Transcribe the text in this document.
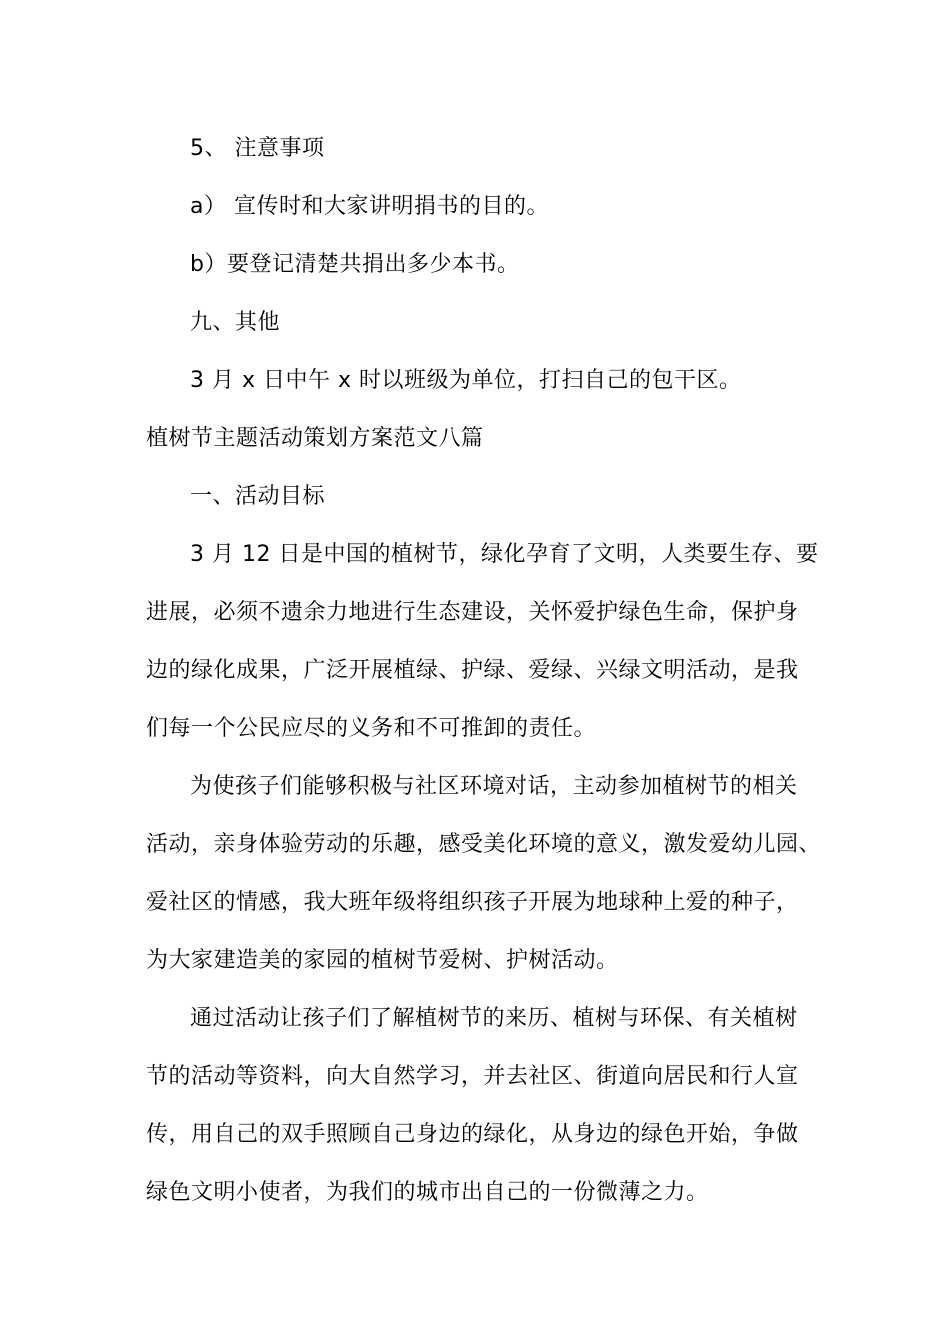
5、 注意事项
a） 宣传时和大家讲明捐书的目的。
b）要登记清楚共捐出多少本书。
九、其他
3 月 x 日中午 x 时以班级为单位，打扫自己的包干区。
植树节主题活动策划方案范文八篇
一、活动目标
3 月 12 日是中国的植树节，绿化孕育了文明，人类要生存、要
进展，必须不遗余力地进行生态建设，关怀爱护绿色生命，保护身
边的绿化成果，广泛开展植绿、护绿、爱绿、兴绿文明活动，是我
们每一个公民应尽的义务和不可推卸的责任。
为使孩子们能够积极与社区环境对话，主动参加植树节的相关
活动，亲身体验劳动的乐趣，感受美化环境的意义，激发爱幼儿园、
爱社区的情感，我大班年级将组织孩子开展为地球种上爱的种子，
为大家建造美的家园的植树节爱树、护树活动。
通过活动让孩子们了解植树节的来历、植树与环保、有关植树
节的活动等资料，向大自然学习，并去社区、街道向居民和行人宣
传，用自己的双手照顾自己身边的绿化，从身边的绿色开始，争做
绿色文明小使者，为我们的城市出自己的一份微薄之力。
